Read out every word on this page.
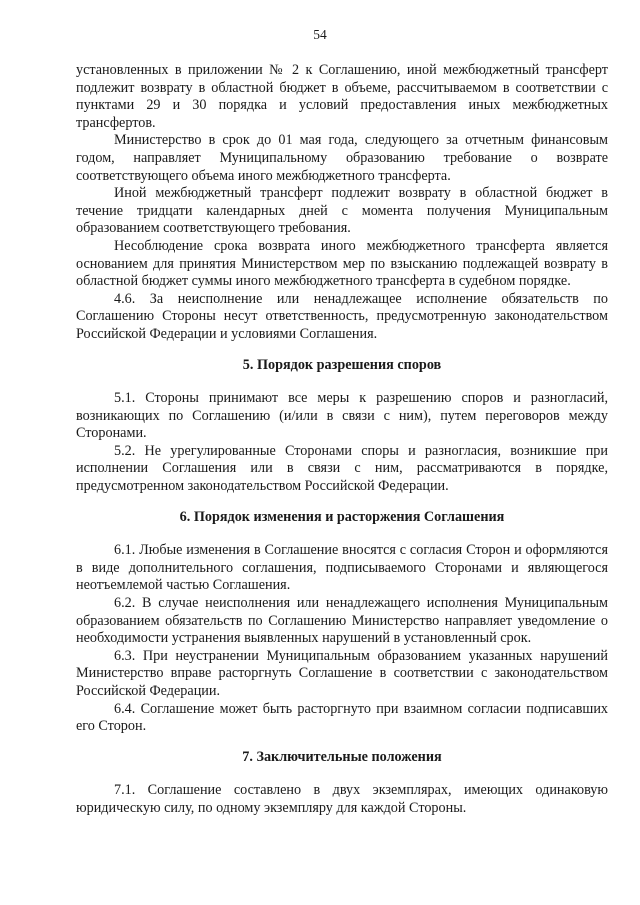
54

установленных в приложении № 2 к Соглашению, иной межбюджетный трансферт подлежит возврату в областной бюджет в объеме, рассчитываемом в соответствии с пунктами 29 и 30 порядка и условий предоставления иных межбюджетных трансфертов.

Министерство в срок до 01 мая года, следующего за отчетным финансовым годом, направляет Муниципальному образованию требование о возврате соответствующего объема иного межбюджетного трансферта.

Иной межбюджетный трансферт подлежит возврату в областной бюджет в течение тридцати календарных дней с момента получения Муниципальным образованием соответствующего требования.

Несоблюдение срока возврата иного межбюджетного трансферта является основанием для принятия Министерством мер по взысканию подлежащей возврату в областной бюджет суммы иного межбюджетного трансферта в судебном порядке.

4.6. За неисполнение или ненадлежащее исполнение обязательств по Соглашению Стороны несут ответственность, предусмотренную законодательством Российской Федерации и условиями Соглашения.

5. Порядок разрешения споров

5.1. Стороны принимают все меры к разрешению споров и разногласий, возникающих по Соглашению (и/или в связи с ним), путем переговоров между Сторонами.

5.2. Не урегулированные Сторонами споры и разногласия, возникшие при исполнении Соглашения или в связи с ним, рассматриваются в порядке, предусмотренном законодательством Российской Федерации.

6. Порядок изменения и расторжения Соглашения

6.1. Любые изменения в Соглашение вносятся с согласия Сторон и оформляются в виде дополнительного соглашения, подписываемого Сторонами и являющегося неотъемлемой частью Соглашения.

6.2. В случае неисполнения или ненадлежащего исполнения Муниципальным образованием обязательств по Соглашению Министерство направляет уведомление о необходимости устранения выявленных нарушений в установленный срок.

6.3. При неустранении Муниципальным образованием указанных нарушений Министерство вправе расторгнуть Соглашение в соответствии с законодательством Российской Федерации.

6.4. Соглашение может быть расторгнуто при взаимном согласии подписавших его Сторон.

7. Заключительные положения

7.1. Соглашение составлено в двух экземплярах, имеющих одинаковую юридическую силу, по одному экземпляру для каждой Стороны.
